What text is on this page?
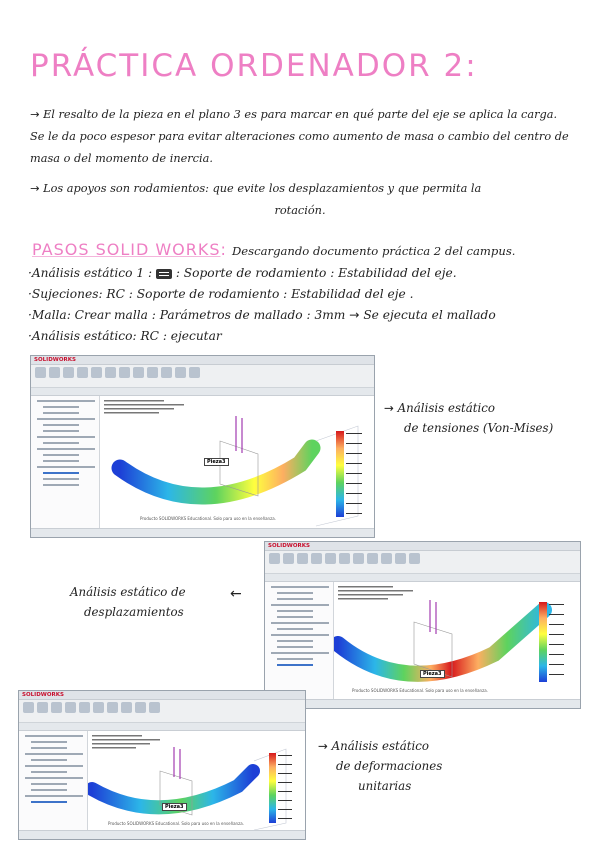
PRÁCTICA ORDENADOR 2:
→ El resalto de la pieza en el plano 3 es para marcar en qué parte del eje se aplica la carga. Se le da poco espesor para evitar alteraciones como aumento de masa o cambio del centro de masa o del momento de inercia.
→ Los apoyos son rodamientos: que evite los desplazamientos y que permita la
rotación.
PASOS SOLID WORKS: Descargando documento práctica 2 del campus.
·Análisis estático 1 : : Soporte de rodamiento : Estabilidad del eje.
·Sujeciones: RC : Soporte de rodamiento : Estabilidad del eje .
·Malla: Crear malla : Parámetros de mallado : 3mm → Se ejecuta el mallado
·Análisis estático: RC : ejecutar
SOLIDWORKS
Pieza3
Producto SOLIDWORKS Educational. Solo para uso en la enseñanza.
→ Análisis estático
de tensiones (Von-Mises)
SOLIDWORKS
Pieza3
Producto SOLIDWORKS Educational. Solo para uso en la enseñanza.
Análisis estático de
desplazamientos
←
SOLIDWORKS
Pieza3
Producto SOLIDWORKS Educational. Solo para uso en la enseñanza.
→ Análisis estático
de deformaciones
unitarias
